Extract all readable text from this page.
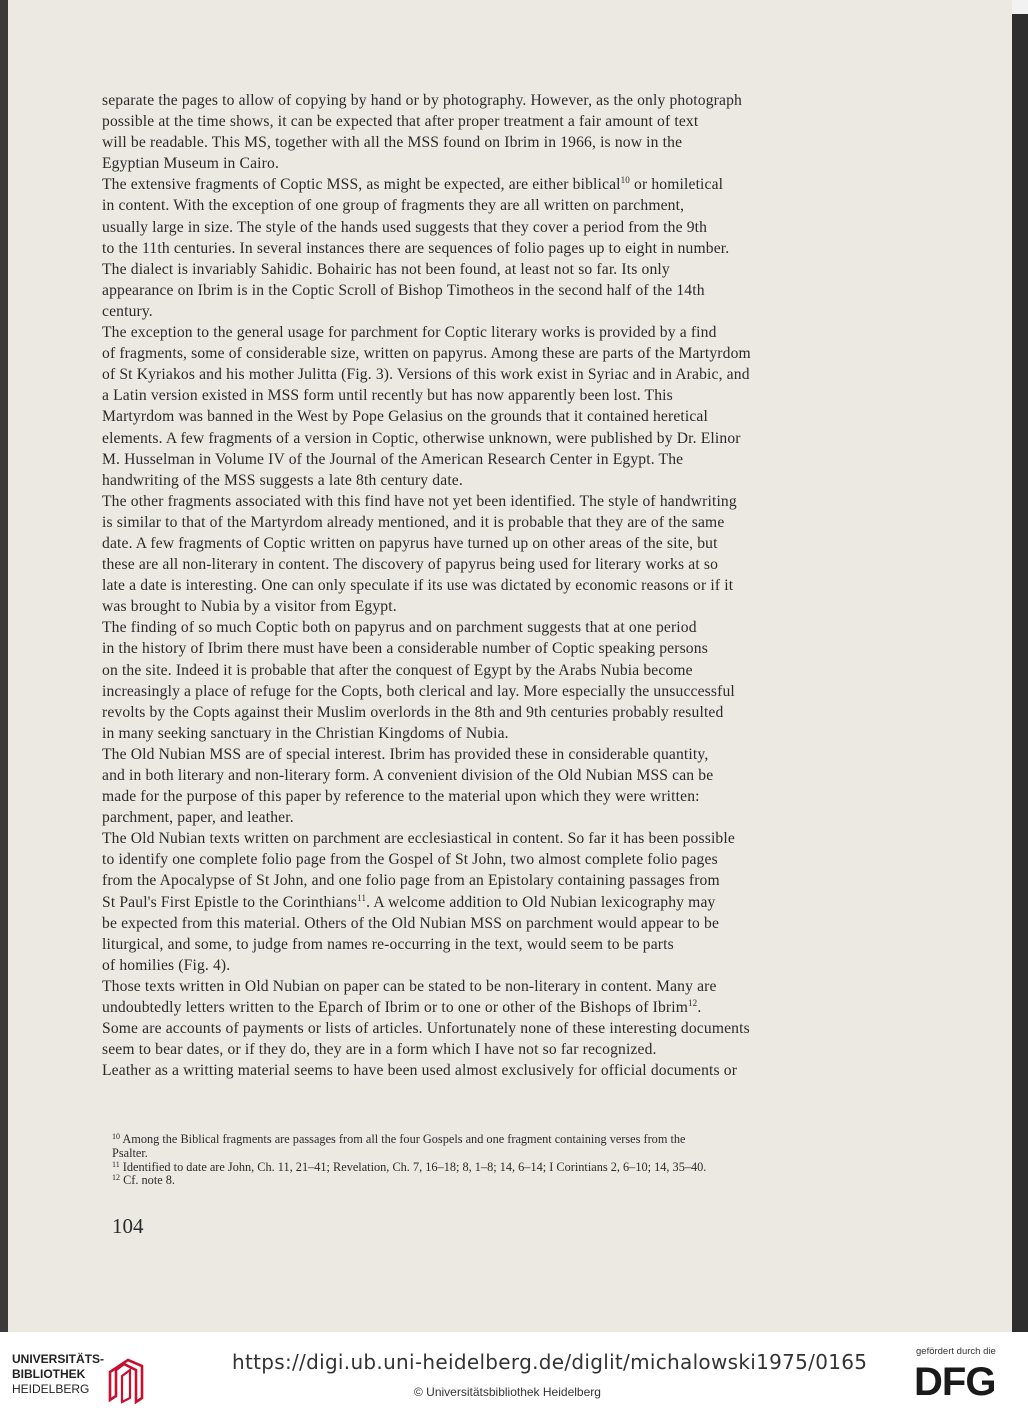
separate the pages to allow of copying by hand or by photography. However, as the only photograph
possible at the time shows, it can be expected that after proper treatment a fair amount of text
will be readable. This MS, together with all the MSS found on Ibrim in 1966, is now in the
Egyptian Museum in Cairo.
The extensive fragments of Coptic MSS, as might be expected, are either biblical$^{10}$ or homiletical
in content. With the exception of one group of fragments they are all written on parchment,
usually large in size. The style of the hands used suggests that they cover a period from the 9th
to the 11th centuries. In several instances there are sequences of folio pages up to eight in number.
The dialect is invariably Sahidic. Bohairic has not been found, at least not so far. Its only
appearance on Ibrim is in the Coptic Scroll of Bishop Timotheos in the second half of the 14th
century.
The exception to the general usage for parchment for Coptic literary works is provided by a find
of fragments, some of considerable size, written on papyrus. Among these are parts of the Martyrdom
of St Kyriakos and his mother Julitta (Fig. 3). Versions of this work exist in Syriac and in Arabic, and
a Latin version existed in MSS form until recently but has now apparently been lost. This
Martyrdom was banned in the West by Pope Gelasius on the grounds that it contained heretical
elements. A few fragments of a version in Coptic, otherwise unknown, were published by Dr. Elinor
M. Husselman in Volume IV of the Journal of the American Research Center in Egypt. The
handwriting of the MSS suggests a late 8th century date.
The other fragments associated with this find have not yet been identified. The style of handwriting
is similar to that of the Martyrdom already mentioned, and it is probable that they are of the same
date. A few fragments of Coptic written on papyrus have turned up on other areas of the site, but
these are all non-literary in content. The discovery of papyrus being used for literary works at so
late a date is interesting. One can only speculate if its use was dictated by economic reasons or if it
was brought to Nubia by a visitor from Egypt.
The finding of so much Coptic both on papyrus and on parchment suggests that at one period
in the history of Ibrim there must have been a considerable number of Coptic speaking persons
on the site. Indeed it is probable that after the conquest of Egypt by the Arabs Nubia become
increasingly a place of refuge for the Copts, both clerical and lay. More especially the unsuccessful
revolts by the Copts against their Muslim overlords in the 8th and 9th centuries probably resulted
in many seeking sanctuary in the Christian Kingdoms of Nubia.
The Old Nubian MSS are of special interest. Ibrim has provided these in considerable quantity,
and in both literary and non-literary form. A convenient division of the Old Nubian MSS can be
made for the purpose of this paper by reference to the material upon which they were written:
parchment, paper, and leather.
The Old Nubian texts written on parchment are ecclesiastical in content. So far it has been possible
to identify one complete folio page from the Gospel of St John, two almost complete folio pages
from the Apocalypse of St John, and one folio page from an Epistolary containing passages from
St Paul's First Epistle to the Corinthians$^{11}$. A welcome addition to Old Nubian lexicography may
be expected from this material. Others of the Old Nubian MSS on parchment would appear to be
liturgical, and some, to judge from names re-occurring in the text, would seem to be parts
of homilies (Fig. 4).
Those texts written in Old Nubian on paper can be stated to be non-literary in content. Many are
undoubtedly letters written to the Eparch of Ibrim or to one or other of the Bishops of Ibrim$^{12}$.
Some are accounts of payments or lists of articles. Unfortunately none of these interesting documents
seem to bear dates, or if they do, they are in a form which I have not so far recognized.
Leather as a writting material seems to have been used almost exclusively for official documents or
$^{10}$ Among the Biblical fragments are passages from all the four Gospels and one fragment containing verses from the
Psalter.
$^{11}$ Identified to date are John, Ch. 11, 21–41; Revelation, Ch. 7, 16–18; 8, 1–8; 14, 6–14; I Corintians 2, 6–10; 14, 35–40.
$^{12}$ Cf. note 8.
104
UNIVERSITÄTS-
BIBLIOTHEK
HEIDELBERG
https://digi.ub.uni-heidelberg.de/diglit/michalowski1975/0165
© Universitätsbibliothek Heidelberg
gefördert durch die
DFG
